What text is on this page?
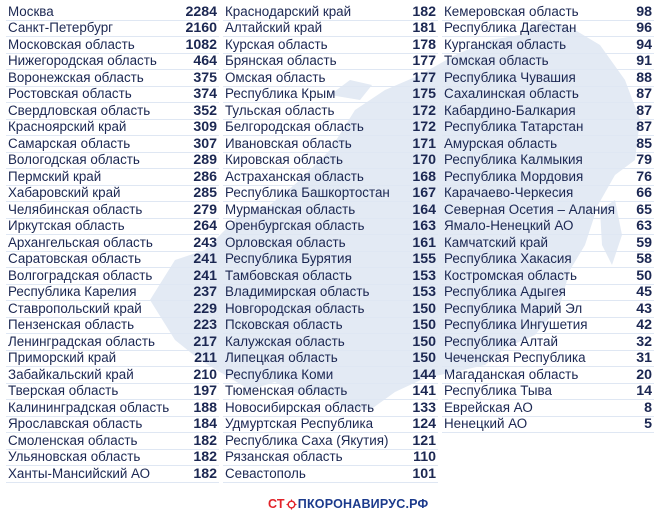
Москва	2284
Санкт-Петербург	2160
Московская область	1082
Нижегородская область	464
Воронежская область	375
Ростовская область	374
Свердловская область	352
Красноярский край	309
Самарская область	307
Вологодская область	289
Пермский край	286
Хабаровский край	285
Челябинская область	279
Иркутская область	264
Архангельская область	243
Саратовская область	241
Волгоградская область	241
Республика Карелия	237
Ставропольский край	229
Пензенская область	223
Ленинградская область	217
Приморский край	211
Забайкальский край	210
Тверская область	197
Калининградская область 188
Ярославская область	184
Смоленская область	182
Ульяновская область	182
Ханты-Мансийский АО	182
Краснодарский край	182
Алтайский край	181
Курская область	178
Брянская область	177
Омская область	177
Республика Крым	175
Тульская область	172
Белгородская область	172
Ивановская область	171
Кировская область	170
Астраханская область	168
Республика Башкортостан 167
Мурманская область	164
Оренбургская область	163
Орловская область	161
Республика Бурятия	155
Тамбовская область	153
Владимирская область	153
Новгородская область	150
Псковская область	150
Калужская область	150
Липецкая область	150
Республика Коми	144
Тюменская область	141
Новосибирская область	133
Удмуртская Республика	124
Республика Саха (Якутия) 121
Рязанская область	110
Севастополь	101
Кемеровская область	98
Республика Дагестан	96
Курганская область	94
Томская область	91
Республика Чувашия	88
Сахалинская область	87
Кабардино-Балкария	87
Республика Татарстан	87
Амурская область	85
Республика Калмыкия	79
Республика Мордовия	76
Карачаево-Черкесия	66
Северная Осетия – Алания 65
Ямало-Ненецкий АО	63
Камчатский край	59
Республика Хакасия	58
Костромская область	50
Республика Адыгея	45
Республика Марий Эл	43
Республика Ингушетия	42
Республика Алтай	32
Чеченская Республика	31
Магаданская область	20
Республика Тыва	14
Еврейская АО	8
Ненецкий АО	5
СТ ПКОРОНАВИРУС.РФ
